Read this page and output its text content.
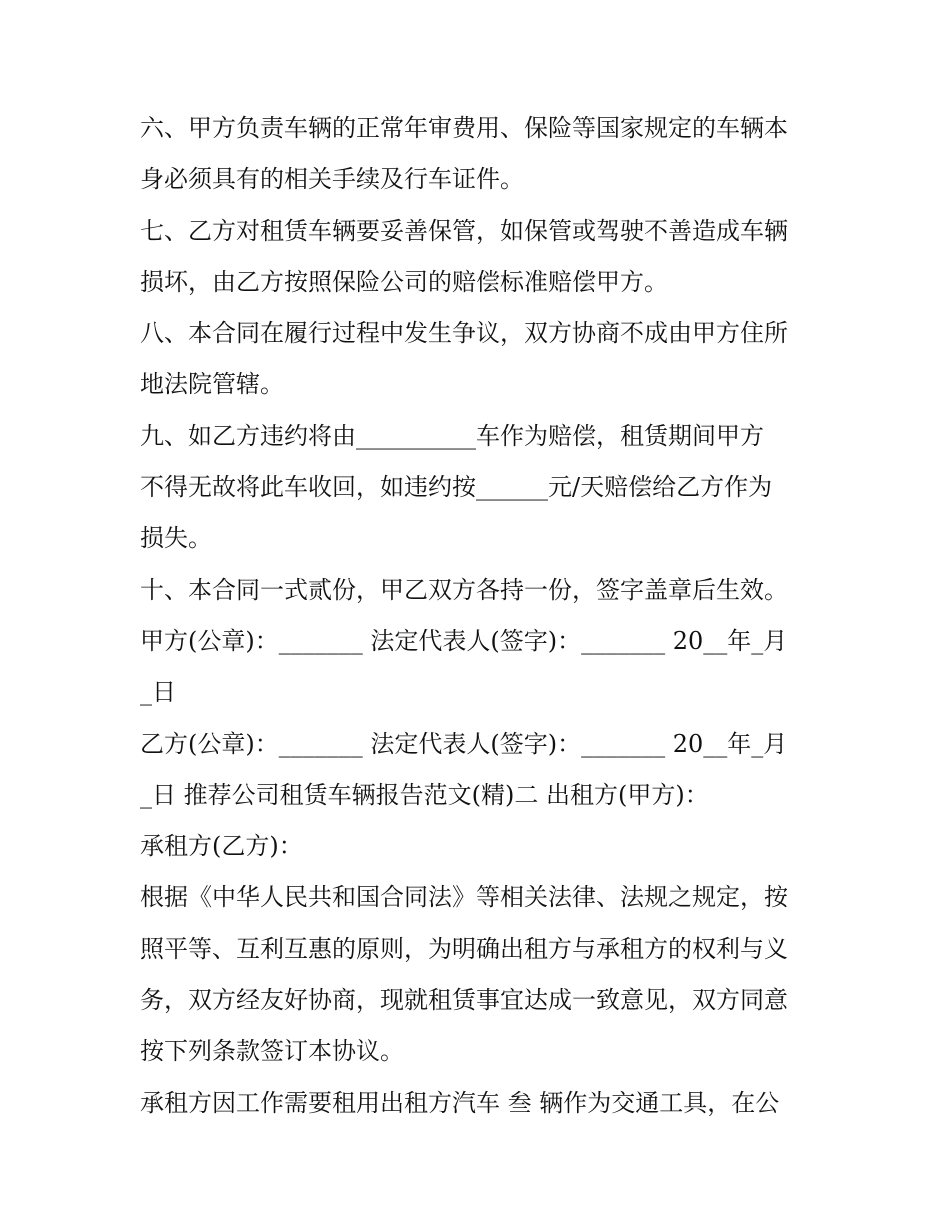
六、甲方负责车辆的正常年审费用、保险等国家规定的车辆本
身必须具有的相关手续及行车证件。
七、乙方对租赁车辆要妥善保管，如保管或驾驶不善造成车辆
损坏，由乙方按照保险公司的赔偿标准赔偿甲方。
八、本合同在履行过程中发生争议，双方协商不成由甲方住所
地法院管辖。
九、如乙方违约将由__________车作为赔偿，租赁期间甲方
不得无故将此车收回，如违约按______元/天赔偿给乙方作为
损失。
十、本合同一式贰份，甲乙双方各持一份，签字盖章后生效。
甲方(公章)：_______ 法定代表人(签字)：_______ 20__年_月
_日
乙方(公章)：_______ 法定代表人(签字)：_______ 20__年_月
_日 推荐公司租赁车辆报告范文(精)二 出租方(甲方)：
承租方(乙方)：
根据《中华人民共和国合同法》等相关法律、法规之规定，按
照平等、互利互惠的原则，为明确出租方与承租方的权利与义
务，双方经友好协商，现就租赁事宜达成一致意见，双方同意
按下列条款签订本协议。
承租方因工作需要租用出租方汽车 叁 辆作为交通工具，在公
